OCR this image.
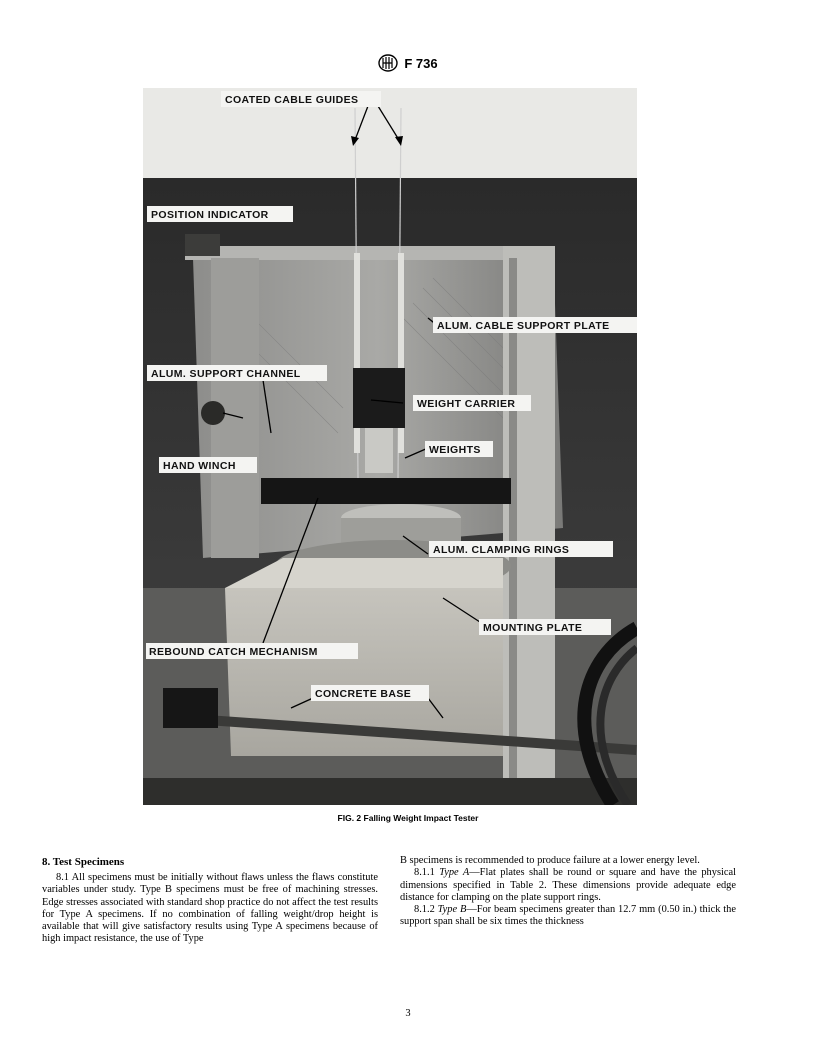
F 736
COATED CABLE GUIDES
POSITION INDICATOR
ALUM. CABLE SUPPORT PLATE
ALUM. SUPPORT CHANNEL
WEIGHT CARRIER
WEIGHTS
HAND WINCH
ALUM. CLAMPING RINGS
MOUNTING PLATE
REBOUND CATCH MECHANISM
CONCRETE BASE
FIG. 2 Falling Weight Impact Tester
8. Test Specimens

8.1 All specimens must be initially without flaws unless the flaws constitute variables under study. Type B specimens must be free of machining stresses. Edge stresses associated with standard shop practice do not affect the test results for Type A specimens. If no combination of falling weight/drop height is available that will give satisfactory results using Type A specimens because of high impact resistance, the use of Type

B specimens is recommended to produce failure at a lower energy level.

8.1.1 Type A—Flat plates shall be round or square and have the physical dimensions specified in Table 2. These dimensions provide adequate edge distance for clamping on the plate support rings.

8.1.2 Type B—For beam specimens greater than 12.7 mm (0.50 in.) thick the support span shall be six times the thickness

3
